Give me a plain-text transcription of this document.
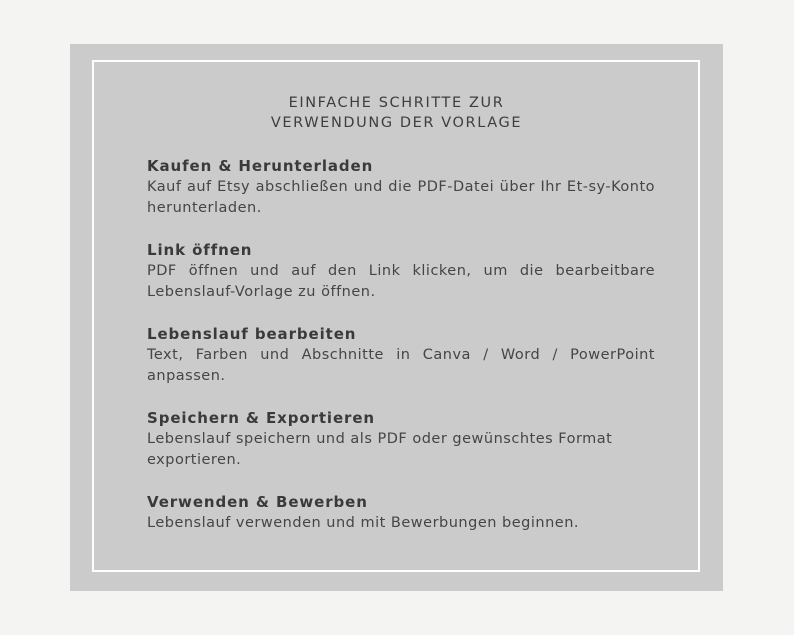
EINFACHE SCHRITTE ZUR
VERWENDUNG DER VORLAGE
Kaufen & Herunterladen
Kauf auf Etsy abschließen und die PDF-Datei über Ihr Et-sy-Konto herunterladen.
Link öffnen
PDF öffnen und auf den Link klicken, um die bearbeitbare Lebenslauf-Vorlage zu öffnen.
Lebenslauf bearbeiten
Text, Farben und Abschnitte in Canva / Word / PowerPoint anpassen.
Speichern & Exportieren
Lebenslauf speichern und als PDF oder gewünschtes Format exportieren.
Verwenden & Bewerben
Lebenslauf verwenden und mit Bewerbungen beginnen.
